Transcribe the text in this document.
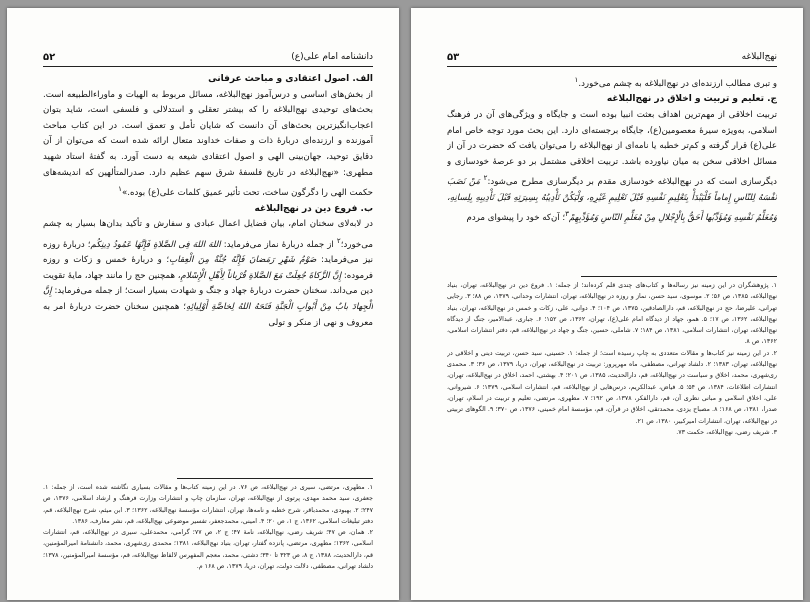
۵۲	دانشنامه امام علی(ع)

الف. اصول اعتقادی و مباحث عرفانی

از بخش‌های اساسی و درس‌آموز نهج‌البلاغه، مسائل مربوط به الهیات و ماوراءالطبیعه است. بحث‌های توحیدی نهج‌البلاغه را که بیشتر تعقلی و استدلالی و فلسفی است، شاید بتوان اعجاب‌انگیزترین بحث‌های آن دانست که شایان تأمل و تعمق است. در این کتاب مباحث آموزنده و ارزنده‌ای دربارهٔ ذات و صفات خداوند متعال ارائه شده است که می‌توان از آن دقایق توحید، جهان‌بینی الهی و اصول اعتقادی شیعه به دست آورد. به گفتهٔ استاد شهید مطهری: «نهج‌البلاغه در تاریخ فلسفهٔ شرق سهم عظیم دارد. صدرالمتألهین که اندیشه‌های حکمت الهی را دگرگون ساخت، تحت تأثیر عمیق کلمات علی(ع) بوده.»$^۱$

ب. فروع دین در نهج‌البلاغه

در لابه‌لای سخنان امام، بیان فضایل اعمال عبادی و سفارش و تأکید بدان‌ها بسیار به چشم می‌خورد؛$^۲$ از جمله دربارهٔ نماز می‌فرماید: اللهَ اللهَ فِی الصَّلاةِ فَإِنَّهَا عَمُودُ دِینِکُم؛ دربارهٔ روزه نیز می‌فرماید: صَوْمُ شَهْرِ رَمَضانَ فَإِنَّهُ جُنَّةٌ مِنَ الْعِقابِ؛ و دربارهٔ خمس و زکات و روزه فرموده: إِنَّ الزَّکاةَ جُعِلَتْ مَعَ الصَّلاةِ قُرْباناً لِأَهْلِ الْإِسْلامِ، همچنین حج را مانند جهاد، مایهٔ تقویت دین می‌داند. سخنان حضرت دربارهٔ جهاد و جنگ و شهادت بسیار است؛ از جمله می‌فرماید: إِنَّ الْجِهادَ بابٌ مِنْ أَبْوابِ الْجَنَّةِ فَتَحَهُ اللهُ لِخاصَّةِ أَوْلِیائِهِ؛ همچنین سخنان حضرت دربارهٔ امر به معروف و نهی از منکر و تولی

۱. مطهری، مرتضی، سیری در نهج‌البلاغه، ص ۷۶. در این زمینه کتاب‌ها و مقالات بسیاری نگاشته شده است، از جمله: ۱. جعفری، سید محمد مهدی، پرتوی از نهج‌البلاغه، تهران، سازمان چاپ و انتشارات وزارت فرهنگ و ارشاد اسلامی، ۱۳۷۶، ص ۲۴۷؛ ۲. بهبودی، محمدباقر، شرح خطبه و نامه‌ها، تهران، انتشارات مؤسسهٔ نهج‌البلاغه، ۱۳۶۲؛ ۳. ابن میثم، شرح نهج‌البلاغه، قم، دفتر تبلیغات اسلامی، ۱۳۶۲، ج ۱، ص ۲۰؛ ۴. امینی، محمدجعفر، تفسیر موضوعی نهج‌البلاغه، قم، نشر معارف، ۱۳۸۶.

۲. همان، ص ۴۷؛ شریف رضی، نهج‌البلاغه، نامهٔ ۴۷؛ ج ۲، ص ۷۷؛ گرامی، محمدعلی، سیری در نهج‌البلاغه، قم، انتشارات اسلامی، ۱۳۶۲؛ مطهری، مرتضی، پانزده گفتار، تهران، بنیاد نهج‌البلاغه، ۱۳۸۱؛ محمدی ری‌شهری، محمد، دانشنامهٔ امیرالمؤمنین، قم، دارالحدیث، ۱۳۸۸، ج ۸، ص ۳۲۳ تا ۳۴۰؛ دشتی، محمد، معجم المفهرس لالفاظ نهج‌البلاغه، قم، مؤسسهٔ امیرالمؤمنین، ۱۳۷۸؛ دلشاد تهرانی، مصطفی، دلالت دولت، تهران، دریا، ۱۳۷۹، ص ۱۶۸ م.

۵۳	نهج‌البلاغه

و تبری مطالب ارزنده‌ای در نهج‌البلاغه به چشم می‌خورد.$^۱$

ج. تعلیم و تربیت و اخلاق در نهج‌البلاغه

تربیت اخلاقی از مهم‌ترین اهداف بعثت انبیا بوده است و جایگاه و ویژگی‌های آن در فرهنگ اسلامی، به‌ویژه سیرهٔ معصومین(ع)، جایگاه برجسته‌ای دارد. این بحث مورد توجه خاص امام علی(ع) قرار گرفته و کم‌تر خطبه یا نامه‌ای از نهج‌البلاغه را می‌توان یافت که حضرت در آن از مسائل اخلاقی سخن به میان نیاورده باشد. تربیت اخلاقی مشتمل بر دو عرصهٔ خودسازی و دیگرسازی است که در نهج‌البلاغه خودسازی مقدم بر دیگرسازی مطرح می‌شود:$^۲$ مَنْ نَصَبَ نَفْسَهُ لِلنّاسِ إِماماً فَلْیَبْدَأْ بِتَعْلِیمِ نَفْسِهِ قَبْلَ تَعْلِیمِ غَیْرِهِ، وَلْیَکُنْ تَأْدِیبُهُ بِسِیرَتِهِ قَبْلَ تَأْدِیبِهِ بِلِسانِهِ، وَمُعَلِّمُ نَفْسِهِ وَمُؤَدِّبُها أَحَقُّ بِالْإِجْلالِ مِنْ مُعَلِّمِ النّاسِ وَمُؤَدِّبِهِمْ$^۳$؛ آن‌که خود را پیشوای مردم

۱. پژوهشگران در این زمینه نیز رساله‌ها و کتاب‌های چندی قلم کرده‌اند؛ از جمله: ۱. فروع دین در نهج‌البلاغه، تهران، بنیاد نهج‌البلاغه، ۱۳۸۵، ص ۵۶؛ ۲. موسوی، سید حسن، نماز و روزه در نهج‌البلاغه، تهران، انتشارات وحدانی، ۱۳۷۹، ص ۸۸؛ ۳. رجایی تهرانی، علیرضا، حج در نهج‌البلاغه، قم، دارالصادقین، ۱۳۷۵، ص ۱۰۴؛ ۴. دوانی، علی، زکات و خمس در نهج‌البلاغه، تهران، بنیاد نهج‌البلاغه، ۱۳۶۲، ص ۱۷؛ ۵. همو، جهاد از دیدگاه امام علی(ع)، تهران، ۱۳۶۲، ص ۱۵۲؛ ۶. جباری، عبدالامیر، جنگ از دیدگاه نهج‌البلاغه، تهران، انتشارات اسلامی، ۱۳۸۱، ص ۱۸۴؛ ۷. شاملی، حسین، جنگ و جهاد در نهج‌البلاغه، قم، دفتر انتشارات اسلامی، ۱۳۶۲، ص ۸.

۲. در این زمینه نیز کتاب‌ها و مقالات متعددی به چاپ رسیده است؛ از جمله: ۱. حسینی، سید حسن، تربیت دینی و اخلاقی در نهج‌البلاغه، تهران، ۱۳۸۳؛ ۲. دلشاد تهرانی، مصطفی، ماه مهرپرور: تربیت در نهج‌البلاغه، تهران، دریا، ۱۳۷۹، ص ۳۶؛ ۳. محمدی ری‌شهری، محمد، اخلاق و سیاست در نهج‌البلاغه، قم، دارالحدیث، ۱۳۸۵، ص ۲۰۱؛ ۴. بهشتی، احمد، اخلاق در نهج‌البلاغه، تهران، انتشارات اطلاعات، ۱۳۸۴، ص ۵۴؛ ۵. فیاض، عبدالکریم، درس‌هایی از نهج‌البلاغه، قم، انتشارات اسلامی، ۱۳۷۹؛ ۶. شیروانی، علی، اخلاق اسلامی و مبانی نظری آن، قم، دارالفکر، ۱۳۷۸، ص ۱۹۲؛ ۷. مطهری، مرتضی، تعلیم و تربیت در اسلام، تهران، صدرا، ۱۳۸۱، ص ۱۶۸؛ ۸. مصباح یزدی، محمدتقی، اخلاق در قرآن، قم، مؤسسهٔ امام خمینی، ۱۳۷۶، ص ۳۷۰؛ ۹. الگوهای تربیتی در نهج‌البلاغه، تهران، انتشارات امیرکبیر، ۱۳۸۰، ص ۲۱.

۳. شریف رضی، نهج‌البلاغه، حکمت ۷۳.
